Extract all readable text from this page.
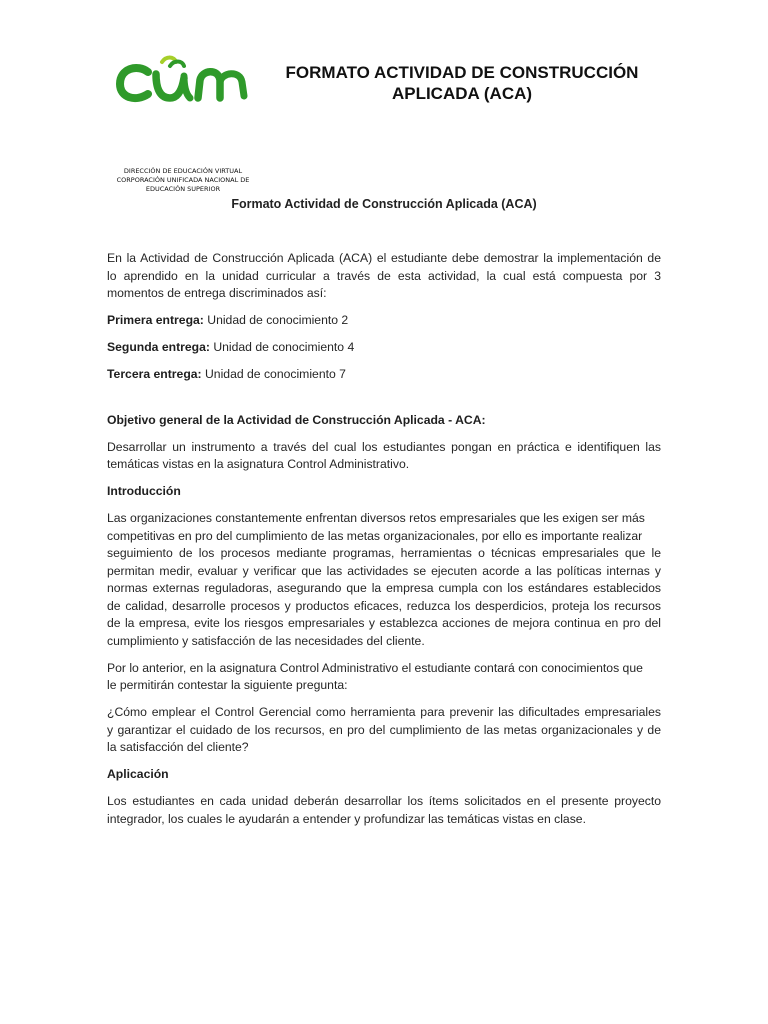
FORMATO ACTIVIDAD DE CONSTRUCCIÓN
APLICADA (ACA)
DIRECCIÓN DE EDUCACIÓN VIRTUAL
CORPORACIÓN UNIFICADA NACIONAL DE
EDUCACIÓN SUPERIOR
Formato Actividad de Construcción Aplicada (ACA)

En la Actividad de Construcción Aplicada (ACA) el estudiante debe demostrar la implementación de
lo aprendido en la unidad curricular a través de esta actividad, la cual está compuesta por 3
momentos de entrega discriminados así:

Primera entrega: Unidad de conocimiento 2

Segunda entrega: Unidad de conocimiento 4

Tercera entrega: Unidad de conocimiento 7

Objetivo general de la Actividad de Construcción Aplicada - ACA:

Desarrollar un instrumento a través del cual los estudiantes pongan en práctica e identifiquen las
temáticas vistas en la asignatura Control Administrativo.

Introducción

Las organizaciones constantemente enfrentan diversos retos empresariales que les exigen ser más
competitivas en pro del cumplimiento de las metas organizacionales, por ello es importante realizar
seguimiento de los procesos mediante programas, herramientas o técnicas empresariales que le
permitan medir, evaluar y verificar que las actividades se ejecuten acorde a las políticas internas y
normas externas reguladoras, asegurando que la empresa cumpla con los estándares establecidos
de calidad, desarrolle procesos y productos eficaces, reduzca los desperdicios, proteja los recursos
de la empresa, evite los riesgos empresariales y establezca acciones de mejora continua en pro del
cumplimiento y satisfacción de las necesidades del cliente.

Por lo anterior, en la asignatura Control Administrativo el estudiante contará con conocimientos que
le permitirán contestar la siguiente pregunta:

¿Cómo emplear el Control Gerencial como herramienta para prevenir las dificultades empresariales
y garantizar el cuidado de los recursos, en pro del cumplimiento de las metas organizacionales y de
la satisfacción del cliente?

Aplicación

Los estudiantes en cada unidad deberán desarrollar los ítems solicitados en el presente proyecto
integrador, los cuales le ayudarán a entender y profundizar las temáticas vistas en clase.
